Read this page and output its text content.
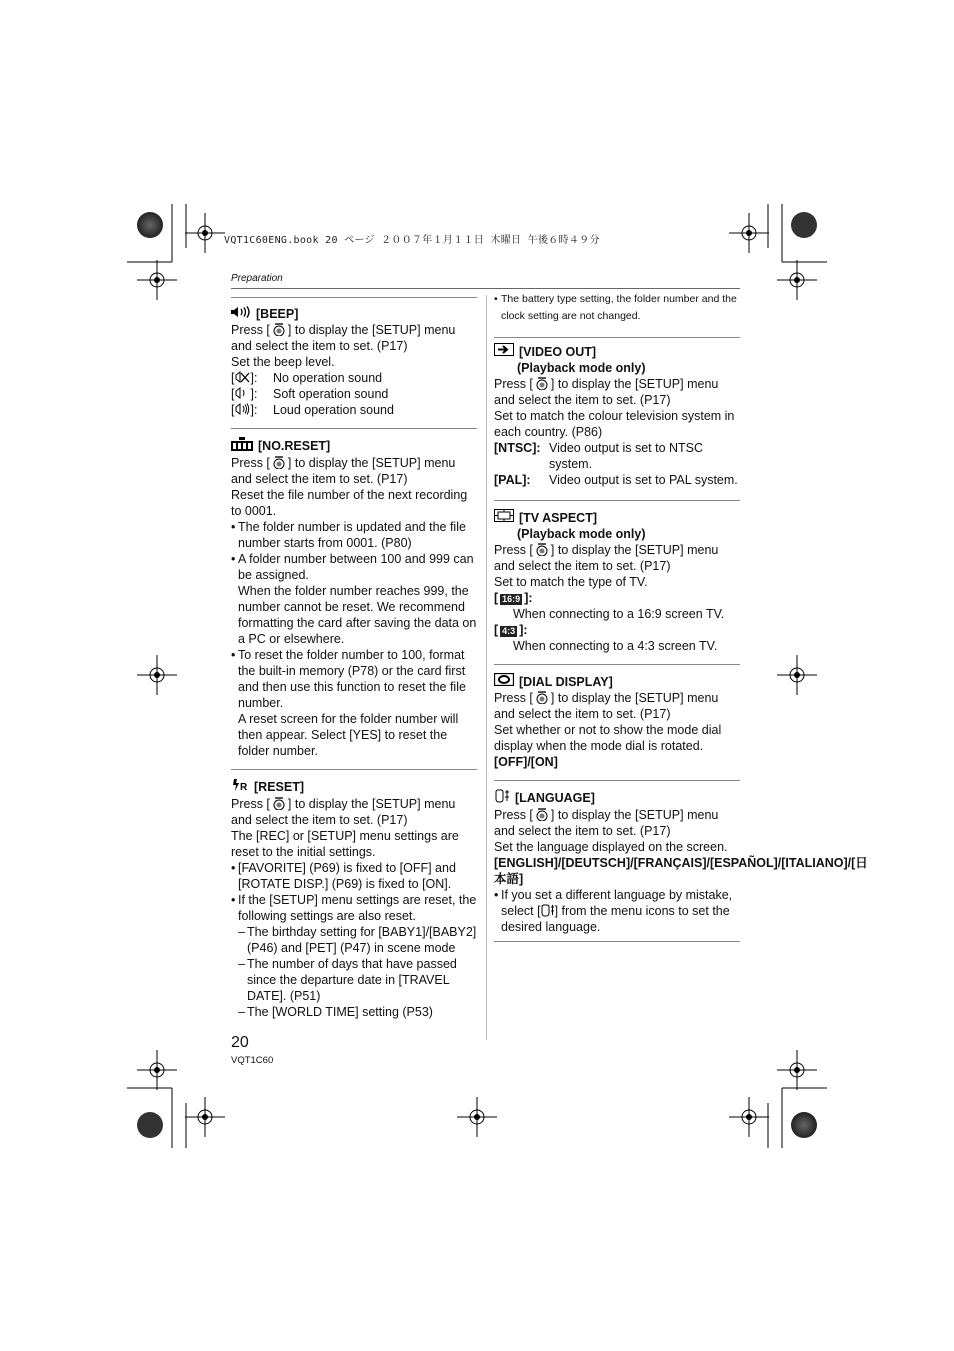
VQT1C60ENG.book 20 ページ ２００７年１月１１日 木曜日 午後６時４９分
Preparation

[BEEP]

Press [ ] to display the [SETUP] menu and select the item to set. (P17)

Set the beep level.

[ ]:	No operation sound
[ ]:	Soft operation sound
[ ]:	Loud operation sound

[NO.RESET]

Press [ ] to display the [SETUP] menu and select the item to set. (P17)

Reset the file number of the next recording to 0001.

• The folder number is updated and the file number starts from 0001. (P80)

• A folder number between 100 and 999 can be assigned.

When the folder number reaches 999, the number cannot be reset. We recommend formatting the card after saving the data on a PC or elsewhere.

• To reset the folder number to 100, format the built-in memory (P78) or the card first and then use this function to reset the file number.

A reset screen for the folder number will then appear. Select [YES] to reset the folder number.

R [RESET]

Press [ ] to display the [SETUP] menu and select the item to set. (P17)

The [REC] or [SETUP] menu settings are reset to the initial settings.

• [FAVORITE] (P69) is fixed to [OFF] and [ROTATE DISP.] (P69) is fixed to [ON].

• If the [SETUP] menu settings are reset, the following settings are also reset.

– The birthday setting for [BABY1]/[BABY2] (P46) and [PET] (P47) in scene mode

– The number of days that have passed since the departure date in [TRAVEL DATE]. (P51)

– The [WORLD TIME] setting (P53)

• The battery type setting, the folder number and the clock setting are not changed.

[VIDEO OUT]

(Playback mode only)

Press [ ] to display the [SETUP] menu and select the item to set. (P17)

Set to match the colour television system in each country. (P86)

[NTSC]: Video output is set to NTSC system.
[PAL]:	Video output is set to PAL system.

[TV ASPECT]

(Playback mode only)

Press [ ] to display the [SETUP] menu and select the item to set. (P17)

Set to match the type of TV.

[ 16:9 ]:

When connecting to a 16:9 screen TV.

[ 4:3 ]:

When connecting to a 4:3 screen TV.

[DIAL DISPLAY]

Press [ ] to display the [SETUP] menu and select the item to set. (P17)

Set whether or not to show the mode dial display when the mode dial is rotated.

[OFF]/[ON]

[LANGUAGE]

Press [ ] to display the [SETUP] menu and select the item to set. (P17)

Set the language displayed on the screen.

[ENGLISH]/[DEUTSCH]/[FRANÇAIS]/[ESPAÑOL]/[ITALIANO]/[日本語]

• If you set a different language by mistake, select [ ] from the menu icons to set the desired language.

20
VQT1C60
